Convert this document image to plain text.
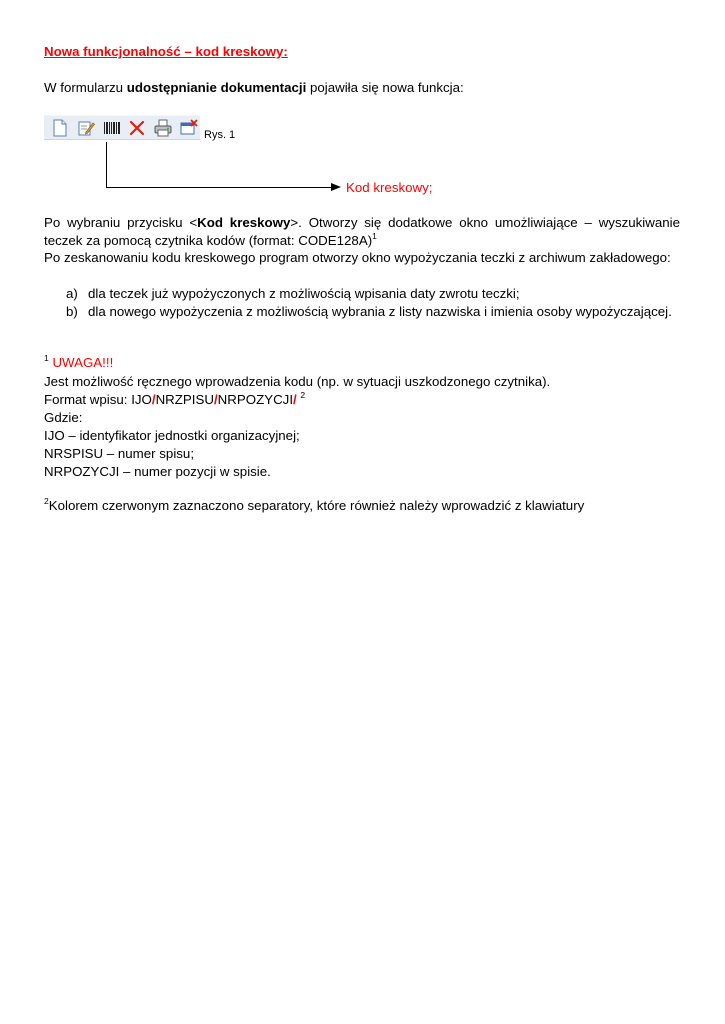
Nowa funkcjonalność – kod kreskowy:
W formularzu udostępnianie dokumentacji pojawiła się nowa funkcja:
Rys. 1
Kod kreskowy;
Po wybraniu przycisku <Kod kreskowy>. Otworzy się dodatkowe okno umożliwiające – wyszukiwanie
teczek za pomocą czytnika kodów (format: CODE128A)$^1$
Po zeskanowaniu kodu kreskowego program otworzy okno wypożyczania teczki z archiwum zakładowego:
a) dla teczek już wypożyczonych z możliwością wpisania daty zwrotu teczki;
b) dla nowego wypożyczenia z możliwością wybrania z listy nazwiska i imienia osoby wypożyczającej.
$^1$ UWAGA!!!
Jest możliwość ręcznego wprowadzenia kodu (np. w sytuacji uszkodzonego czytnika).
Format wpisu: IJO/NRZPISU/NRPOZYCJI/ $^2$
Gdzie:
IJO – identyfikator jednostki organizacyjnej;
NRSPISU – numer spisu;
NRPOZYCJI – numer pozycji w spisie.
$^2$Kolorem czerwonym zaznaczono separatory, które również należy wprowadzić z klawiatury
